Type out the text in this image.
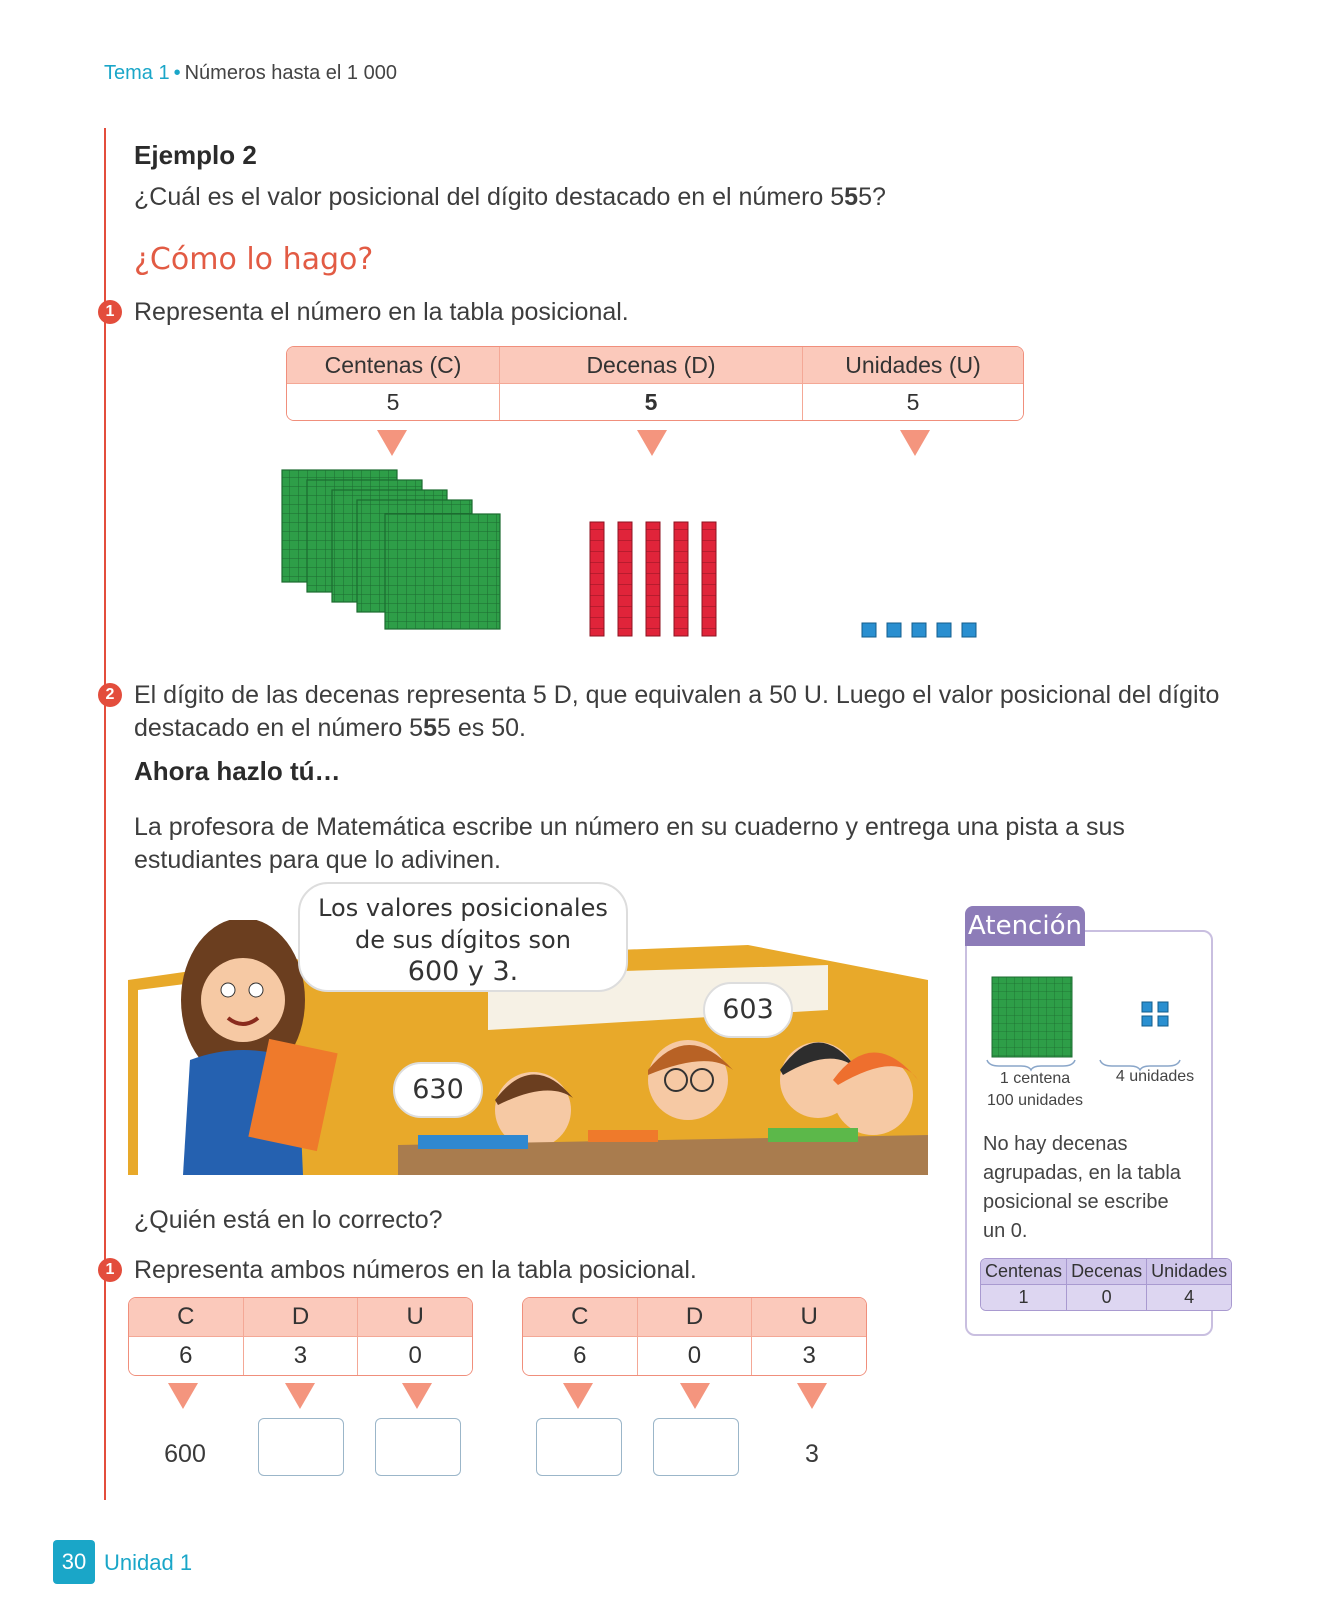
Tema 1 • Números hasta el 1 000
Ejemplo 2
¿Cuál es el valor posicional del dígito destacado en el número 555?
¿Cómo lo hago?
1 Representa el número en la tabla posicional.
Centenas (C)	Decenas (D)	Unidades (U)
5	5	5
2 El dígito de las decenas representa 5 D, que equivalen a 50 U. Luego el valor posicional del dígito
destacado en el número 555 es 50.
Ahora hazlo tú…
La profesora de Matemática escribe un número en su cuaderno y entrega una pista a sus
estudiantes para que lo adivinen.
Los valores posicionales
de sus dígitos son
600 y 3.
630
603
¿Quién está en lo correcto?
1 Representa ambos números en la tabla posicional.
C	D	U
6	3	0
C	D	U
6	0	3
600	3
Atención
1 centena
100 unidades
4 unidades
No hay decenas
agrupadas, en la tabla
posicional se escribe
un 0.
Centenas	Decenas	Unidades
1	0	4
30 Unidad 1
